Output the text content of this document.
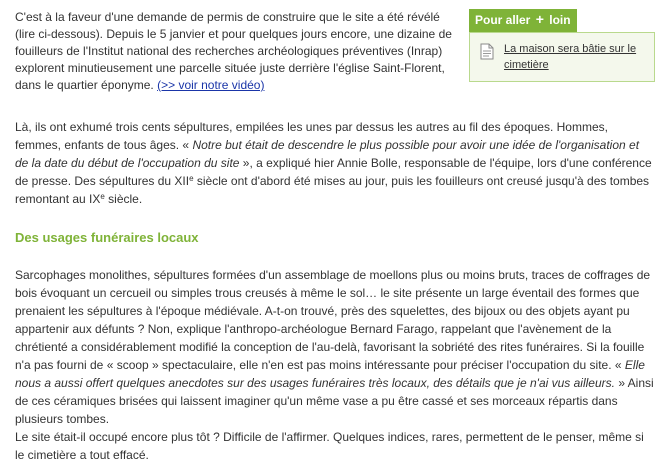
C'est à la faveur d'une demande de permis de construire que le site a été révélé (lire ci-dessous). Depuis le 5 janvier et pour quelques jours encore, une dizaine de fouilleurs de l'Institut national des recherches archéologiques préventives (Inrap) explorent minutieusement une parcelle située juste derrière l'église Saint-Florent, dans le quartier éponyme. (>> voir notre vidéo)

Pour aller + loin
La maison sera bâtie sur le cimetière

Là, ils ont exhumé trois cents sépultures, empilées les unes par dessus les autres au fil des époques. Hommes, femmes, enfants de tous âges. « Notre but était de descendre le plus possible pour avoir une idée de l'organisation et de la date du début de l'occupation du site », a expliqué hier Annie Bolle, responsable de l'équipe, lors d'une conférence de presse. Des sépultures du XIIe siècle ont d'abord été mises au jour, puis les fouilleurs ont creusé jusqu'à des tombes remontant au IXe siècle.

Des usages funéraires locaux

Sarcophages monolithes, sépultures formées d'un assemblage de moellons plus ou moins bruts, traces de coffrages de bois évoquant un cercueil ou simples trous creusés à même le sol… le site présente un large éventail des formes que prenaient les sépultures à l'époque médiévale. A-t-on trouvé, près des squelettes, des bijoux ou des objets ayant pu appartenir aux défunts ? Non, explique l'anthropo-archéologue Bernard Farago, rappelant que l'avènement de la chrétienté a considérablement modifié la conception de l'au-delà, favorisant la sobriété des rites funéraires. Si la fouille n'a pas fourni de « scoop » spectaculaire, elle n'en est pas moins intéressante pour préciser l'occupation du site. « Elle nous a aussi offert quelques anecdotes sur des usages funéraires très locaux, des détails que je n'ai vus ailleurs. » Ainsi de ces céramiques brisées qui laissent imaginer qu'un même vase a pu être cassé et ses morceaux répartis dans plusieurs tombes.
Le site était-il occupé encore plus tôt ? Difficile de l'affirmer. Quelques indices, rares, permettent de le penser, même si le cimetière a tout effacé.
